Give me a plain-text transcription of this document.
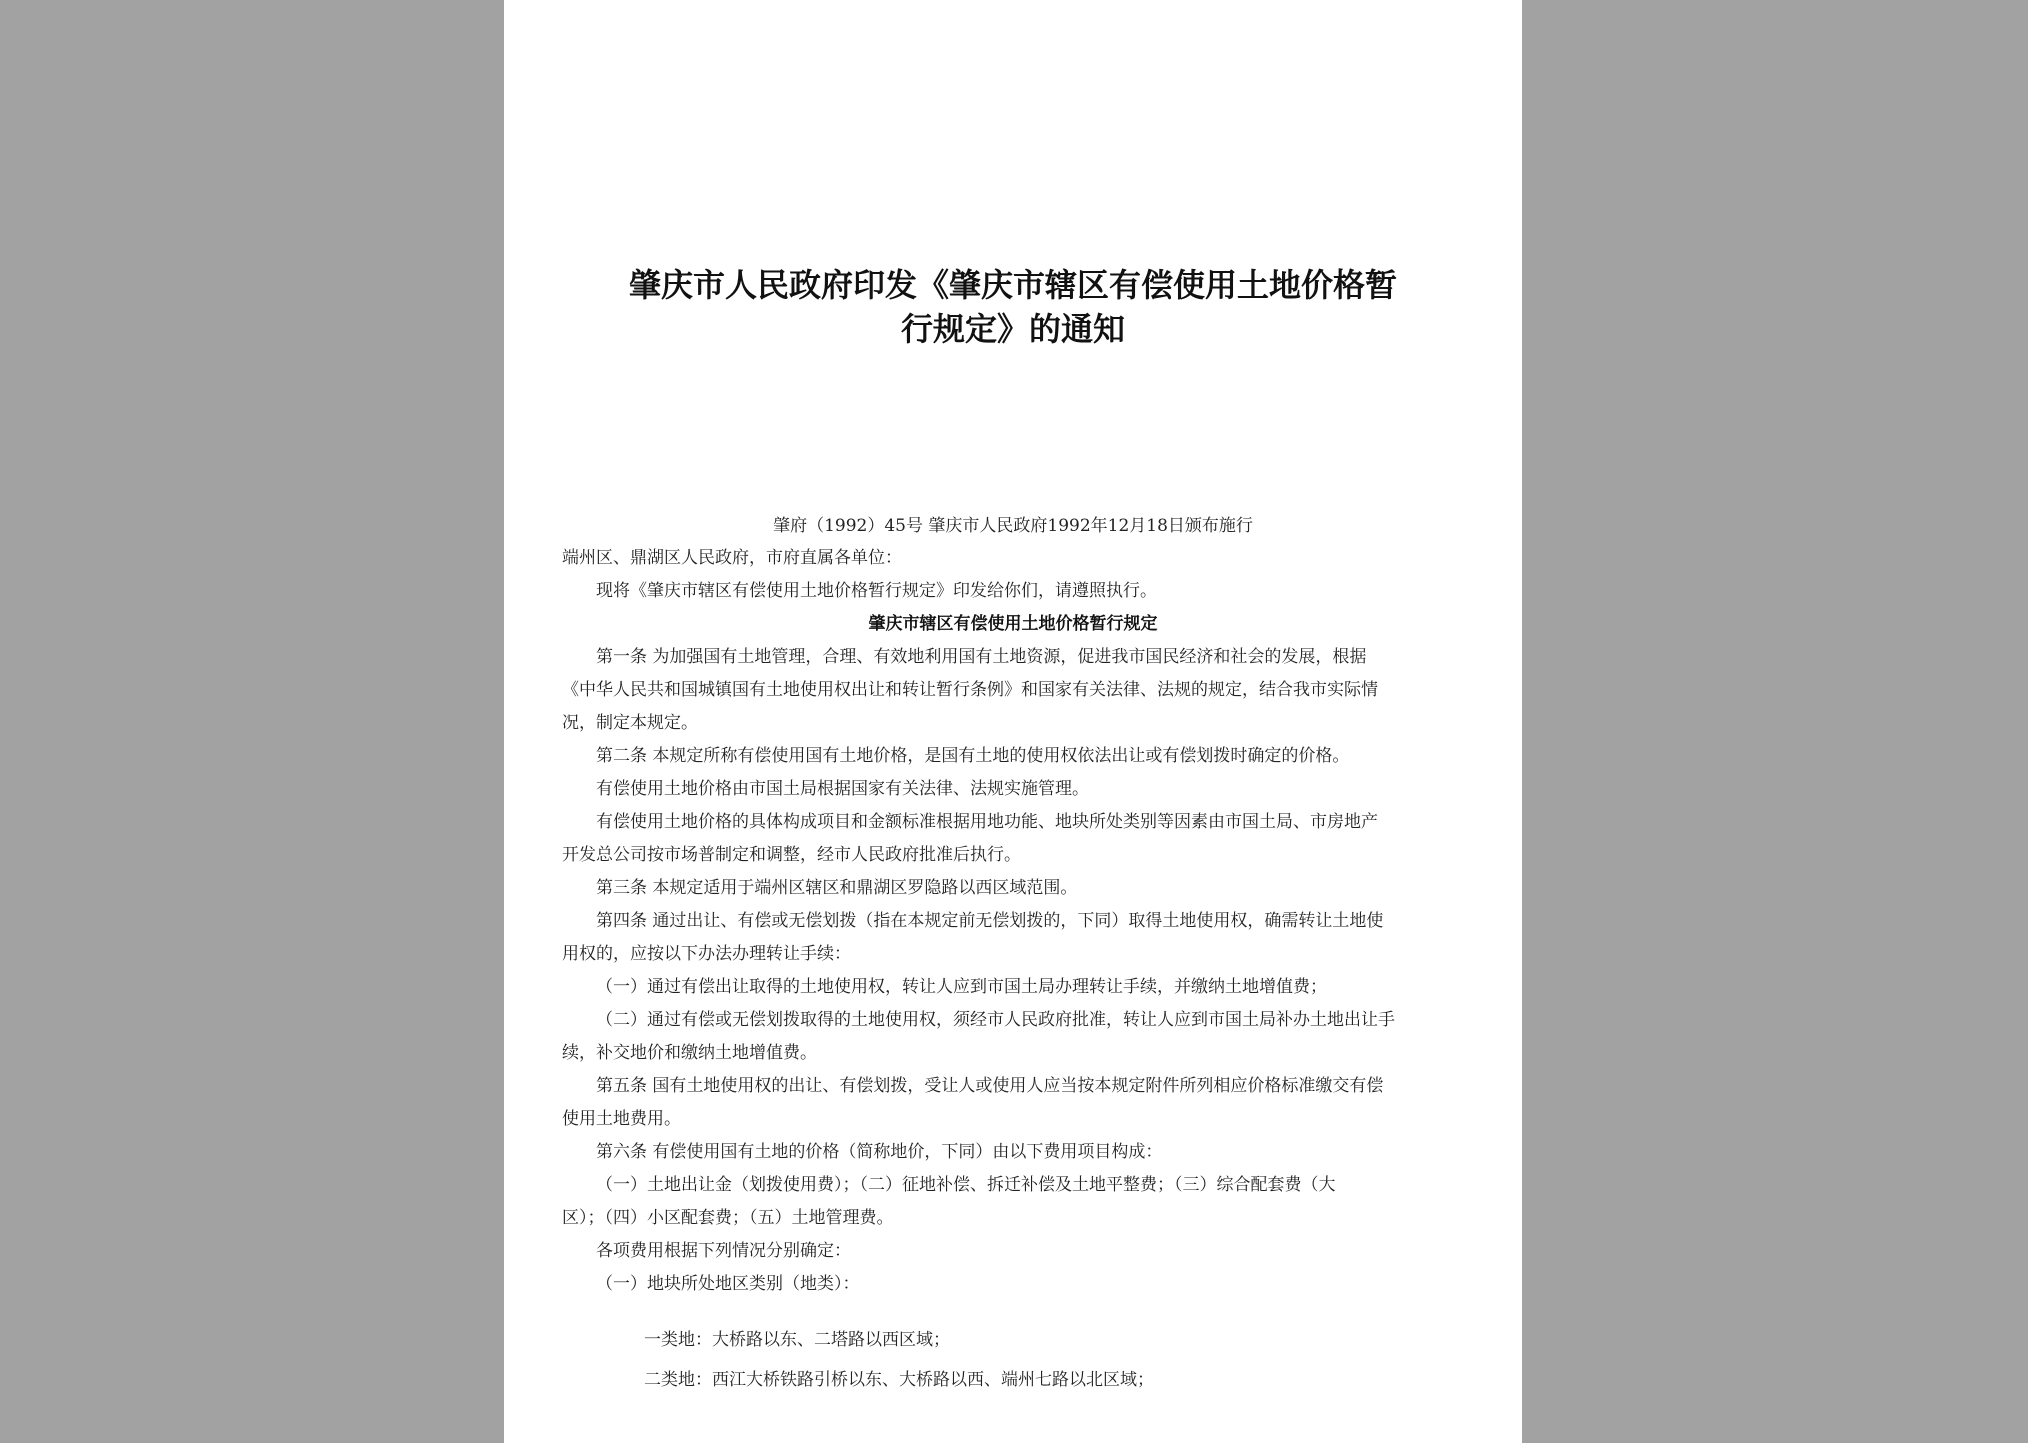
肇庆市人民政府印发《肇庆市辖区有偿使用土地价格暂
行规定》的通知
肇府（1992）45号 肇庆市人民政府1992年12月18日颁布施行
端州区、鼎湖区人民政府，市府直属各单位：
现将《肇庆市辖区有偿使用土地价格暂行规定》印发给你们，请遵照执行。
肇庆市辖区有偿使用土地价格暂行规定
第一条 为加强国有土地管理，合理、有效地利用国有土地资源，促进我市国民经济和社会的发展，根据
《中华人民共和国城镇国有土地使用权出让和转让暂行条例》和国家有关法律、法规的规定，结合我市实际情
况，制定本规定。
第二条 本规定所称有偿使用国有土地价格，是国有土地的使用权依法出让或有偿划拨时确定的价格。
有偿使用土地价格由市国土局根据国家有关法律、法规实施管理。
有偿使用土地价格的具体构成项目和金额标准根据用地功能、地块所处类别等因素由市国土局、市房地产
开发总公司按市场普制定和调整，经市人民政府批准后执行。
第三条 本规定适用于端州区辖区和鼎湖区罗隐路以西区域范围。
第四条 通过出让、有偿或无偿划拨（指在本规定前无偿划拨的，下同）取得土地使用权，确需转让土地使
用权的，应按以下办法办理转让手续：
（一）通过有偿出让取得的土地使用权，转让人应到市国土局办理转让手续，并缴纳土地增值费；
（二）通过有偿或无偿划拨取得的土地使用权，须经市人民政府批准，转让人应到市国土局补办土地出让手
续，补交地价和缴纳土地增值费。
第五条 国有土地使用权的出让、有偿划拨，受让人或使用人应当按本规定附件所列相应价格标准缴交有偿
使用土地费用。
第六条 有偿使用国有土地的价格（简称地价，下同）由以下费用项目构成：
（一）土地出让金（划拨使用费）；（二）征地补偿、拆迁补偿及土地平整费；（三）综合配套费（大
区）；（四）小区配套费；（五）土地管理费。
各项费用根据下列情况分别确定：
（一）地块所处地区类别（地类）：
一类地：大桥路以东、二塔路以西区域；
二类地：西江大桥铁路引桥以东、大桥路以西、端州七路以北区域；
